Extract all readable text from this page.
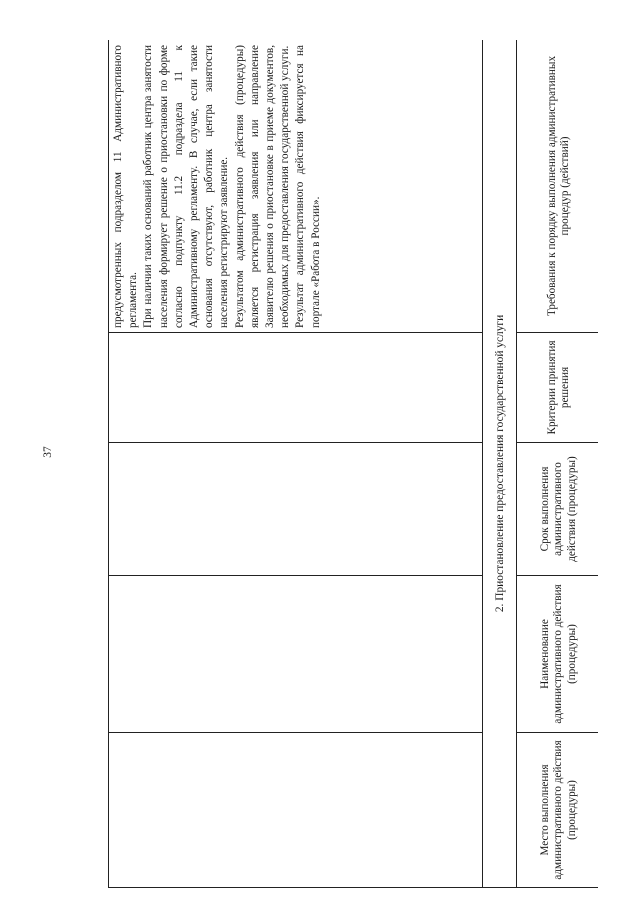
37
				предусмотренных подразделом 11 Административного регламента.
При наличии таких оснований работник центра занятости населения формирует решение о приостановки по форме согласно подпункту 11.2 подраздела 11 к Административному регламенту. В случае, если такие основания отсутствуют, работник центра занятости населения регистрируют заявление.
Результатом административного действия (процедуры) является регистрация заявления или направление Заявителю решения о приостановке в приеме документов, необходимых для предоставления государственной услуги.
Результат административного действия фиксируется на портале «Работа в России».
2. Приостановление предоставления государственной услуги				
Место выполнения административного действия (процедуры)	Наименование административного действия (процедуры)	Срок выполнения административного действия (процедуры)	Критерии принятия решения	Требования к порядку выполнения административных процедур (действий)
